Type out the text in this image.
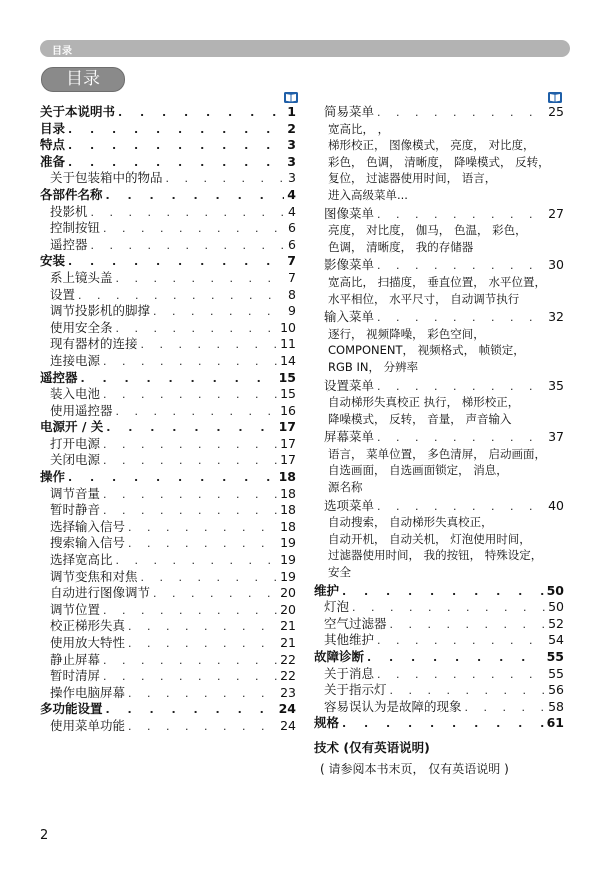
目录
目录
关于本说明书 . . .	1
目录 . . .	2
特点 . . .	3
准备 . . .	3
关于包装箱中的物品 . . .	3
各部件名称 . . .	4
投影机 . . .	4
控制按钮 . . .	6
遥控器 . . .	6
安装 . . .	7
系上镜头盖 . . .	7
设置 . . .	8
调节投影机的脚撑 . . .	9
使用安全条 . . .	10
现有器材的连接 . . .	11
连接电源 . . .	14
遥控器 . . .	15
装入电池 . . .	15
使用遥控器 . . .	16
电源开 / 关 . . .	17
打开电源 . . .	17
关闭电源 . . .	17
操作 . . .	18
调节音量 . . .	18
暂时静音 . . .	18
选择输入信号 . . .	18
搜索输入信号 . . .	19
选择宽高比 . . .	19
调节变焦和对焦 . . .	19
自动进行图像调节 . . .	20
调节位置 . . .	20
校正梯形失真 . . .	21
使用放大特性 . . .	21
静止屏幕 . . .	22
暂时清屏 . . .	22
操作电脑屏幕 . . .	23
多功能设置 . . .	24
使用菜单功能 . . .	24
简易菜单 . . .	25
宽高比， ，
梯形校正， 图像模式， 亮度， 对比度，
彩色， 色调， 清晰度， 降噪模式， 反转，
复位， 过滤器使用时间， 语言，
进入高级菜单...
图像菜单 . . .	27
亮度， 对比度， 伽马， 色温， 彩色，
色调， 清晰度， 我的存储器
影像菜单 . . .	30
宽高比， 扫描度， 垂直位置， 水平位置，
水平相位， 水平尺寸， 自动调节执行
输入菜单 . . .	32
逐行， 视频降噪， 彩色空间，
COMPONENT， 视频格式， 帧锁定，
RGB IN， 分辨率
设置菜单 . . .	35
自动梯形失真校正 执行， 梯形校正，
降噪模式， 反转， 音量， 声音输入
屏幕菜单 . . .	37
语言， 菜单位置， 多色清屏， 启动画面，
自选画面， 自选画面锁定， 消息，
源名称
选项菜单 . . .	40
自动搜索， 自动梯形失真校正，
自动开机， 自动关机， 灯泡使用时间，
过滤器使用时间， 我的按钮， 特殊设定，
安全
维护 . . .	50
灯泡 . . .	50
空气过滤器 . . .	52
其他维护 . . .	54
故障诊断 . . .	55
关于消息 . . .	55
关于指示灯 . . .	56
容易误认为是故障的现象 . . .	58
规格 . . .	61
技术 (仅有英语说明)
( 请参阅本书末页， 仅有英语说明 )
2
